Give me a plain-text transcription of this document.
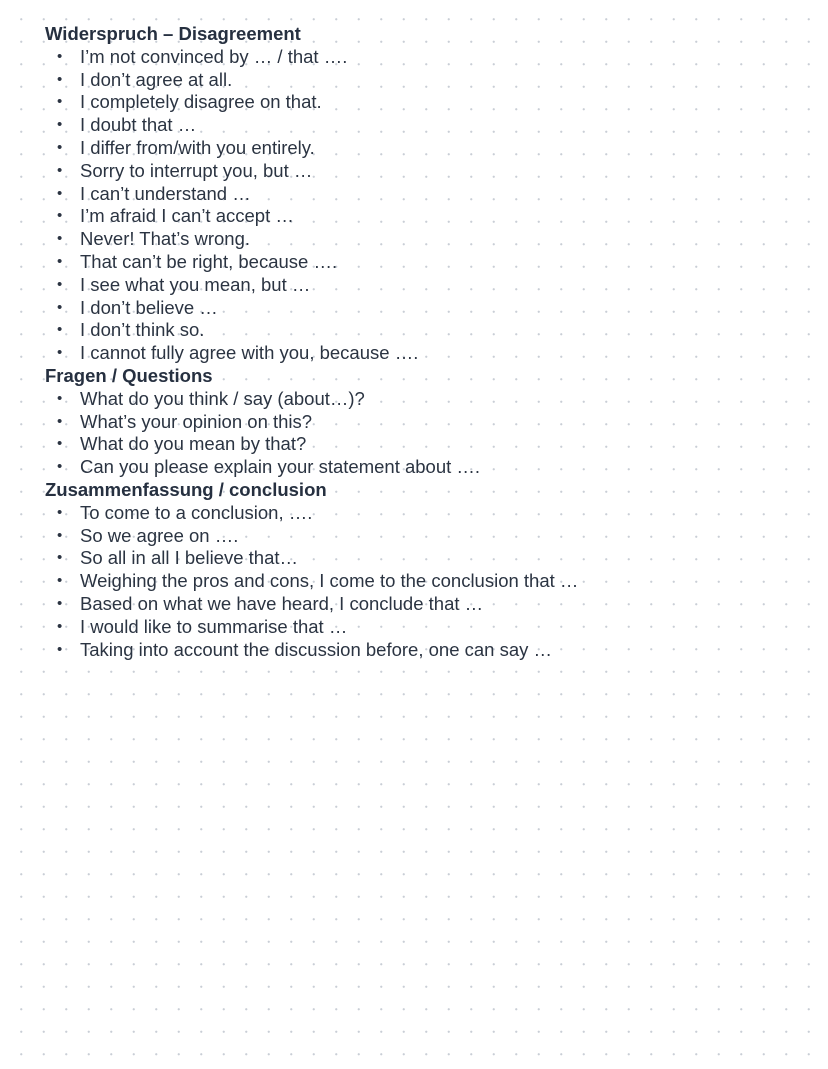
Widerspruch – Disagreement
• I’m not convinced by … / that ….
• I don’t agree at all.
• I completely disagree on that.
• I doubt that …
• I differ from/with you entirely.
• Sorry to interrupt you, but …
• I can’t understand …
• I’m afraid I can’t accept …
• Never! That’s wrong.
• That can’t be right, because ….
• I see what you mean, but …
• I don’t believe …
• I don’t think so.
• I cannot fully agree with you, because ….
Fragen / Questions
• What do you think / say (about…)?
• What’s your opinion on this?
• What do you mean by that?
• Can you please explain your statement about ….
Zusammenfassung / conclusion
• To come to a conclusion, ….
• So we agree on ….
• So all in all I believe that…
• Weighing the pros and cons, I come to the conclusion that …
• Based on what we have heard, I conclude that …
• I would like to summarise that …
• Taking into account the discussion before, one can say …
